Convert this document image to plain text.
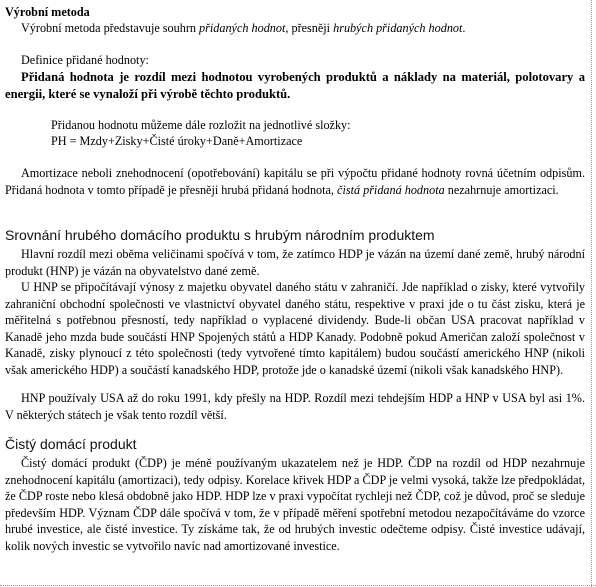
Výrobní metoda
Výrobní metoda představuje souhrn přidaných hodnot, přesněji hrubých přidaných hodnot.
Definice přidané hodnoty:
Přidaná hodnota je rozdíl mezi hodnotou vyrobených produktů a náklady na materiál, polotovary a energii, které se vynaloží při výrobě těchto produktů.
Přidanou hodnotu můžeme dále rozložit na jednotlivé složky:
PH = Mzdy+Zisky+Čisté úroky+Daně+Amortizace
Amortizace neboli znehodnocení (opotřebování) kapitálu se při výpočtu přidané hodnoty rovná účetním odpisům. Přidaná hodnota v tomto případě je přesněji hrubá přidaná hodnota, čistá přidaná hodnota nezahrnuje amortizaci.
Srovnání hrubého domácího produktu s hrubým národním produktem
Hlavní rozdíl mezi oběma veličinami spočívá v tom, že zatímco HDP je vázán na území dané země, hrubý národní produkt (HNP) je vázán na obyvatelstvo dané země.
U HNP se připočítávají výnosy z majetku obyvatel daného státu v zahraničí. Jde například o zisky, které vytvořily zahraniční obchodní společnosti ve vlastnictví obyvatel daného státu, respektive v praxi jde o tu část zisku, která je měřitelná s potřebnou přesností, tedy například o vyplacené dividendy. Bude-li občan USA pracovat například v Kanadě jeho mzda bude součástí HNP Spojených států a HDP Kanady. Podobně pokud Američan založí společnost v Kanadě, zisky plynoucí z této společnosti (tedy vytvořené tímto kapitálem) budou součástí amerického HNP (nikoli však amerického HDP) a součástí kanadského HDP, protože jde o kanadské území (nikoli však kanadského HNP).
HNP používaly USA až do roku 1991, kdy přešly na HDP. Rozdíl mezi tehdejším HDP a HNP v USA byl asi 1%. V některých státech je však tento rozdíl větší.
Čistý domácí produkt
Čistý domácí produkt (ČDP) je méně používaným ukazatelem než je HDP. ČDP na rozdíl od HDP nezahrnuje znehodnocení kapitálu (amortizaci), tedy odpisy. Korelace křivek HDP a ČDP je velmi vysoká, takže lze předpokládat, že ČDP roste nebo klesá obdobně jako HDP. HDP lze v praxi vypočítat rychleji než ČDP, což je důvod, proč se sleduje především HDP. Význam ČDP dále spočívá v tom, že v případě měření spotřební metodou nezapočítáváme do vzorce hrubé investice, ale čisté investice. Ty získáme tak, že od hrubých investic odečteme odpisy. Čisté investice udávají, kolik nových investic se vytvořilo navíc nad amortizované investice.
